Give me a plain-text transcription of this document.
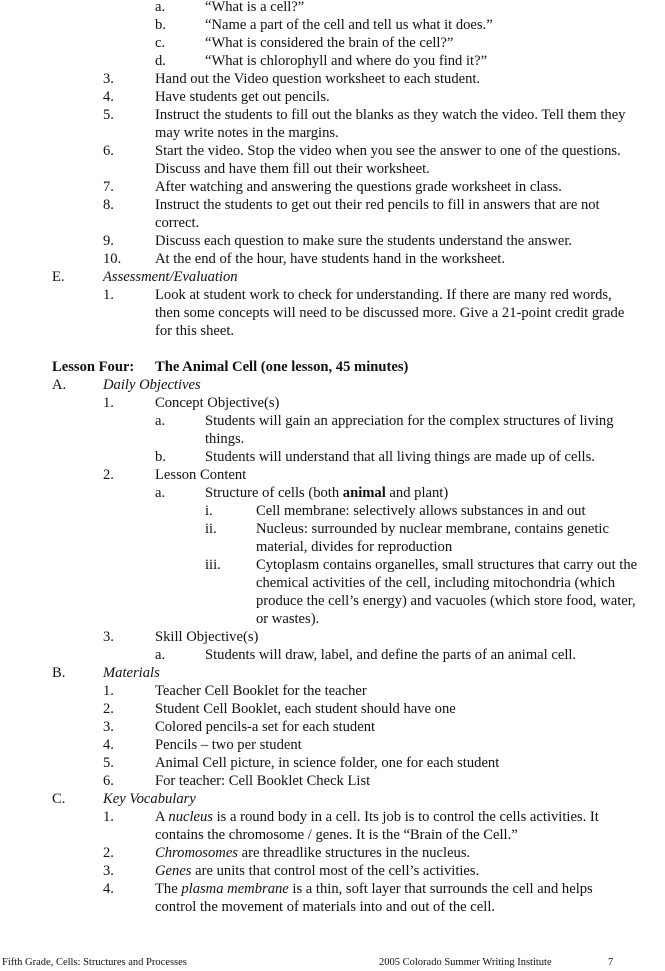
a.	“What is a cell?”
b.	“Name a part of the cell and tell us what it does.”
c.	“What is considered the brain of the cell?”
d.	“What is chlorophyll and where do you find it?”
3.	Hand out the Video question worksheet to each student.
4.	Have students get out pencils.
5.	Instruct the students to fill out the blanks as they watch the video. Tell them they
may write notes in the margins.
6.	Start the video. Stop the video when you see the answer to one of the questions.
Discuss and have them fill out their worksheet.
7.	After watching and answering the questions grade worksheet in class.
8.	Instruct the students to get out their red pencils to fill in answers that are not
correct.
9.	Discuss each question to make sure the students understand the answer.
10. At the end of the hour, have students hand in the worksheet.
E.	Assessment/Evaluation
1.	Look at student work to check for understanding. If there are many red words,
then some concepts will need to be discussed more. Give a 21-point credit grade
for this sheet.
Lesson Four: The Animal Cell (one lesson, 45 minutes)
A.	Daily Objectives
1.	Concept Objective(s)
a.	Students will gain an appreciation for the complex structures of living
things.
b.	Students will understand that all living things are made up of cells.
2.	Lesson Content
a.	Structure of cells (both animal and plant)
i.	Cell membrane: selectively allows substances in and out
ii.	Nucleus: surrounded by nuclear membrane, contains genetic
material, divides for reproduction
iii. Cytoplasm contains organelles, small structures that carry out the
chemical activities of the cell, including mitochondria (which
produce the cell’s energy) and vacuoles (which store food, water,
or wastes).
3.	Skill Objective(s)
a.	Students will draw, label, and define the parts of an animal cell.
B.	Materials
1.	Teacher Cell Booklet for the teacher
2.	Student Cell Booklet, each student should have one
3.	Colored pencils-a set for each student
4.	Pencils – two per student
5.	Animal Cell picture, in science folder, one for each student
6.	For teacher: Cell Booklet Check List
C.	Key Vocabulary
1.	A nucleus is a round body in a cell. Its job is to control the cells activities. It
contains the chromosome / genes. It is the “Brain of the Cell.”
2.	Chromosomes are threadlike structures in the nucleus.
3.	Genes are units that control most of the cell’s activities.
4.	The plasma membrane is a thin, soft layer that surrounds the cell and helps
control the movement of materials into and out of the cell.
Fifth Grade, Cells: Structures and Processes	2005 Colorado Summer Writing Institute	7
